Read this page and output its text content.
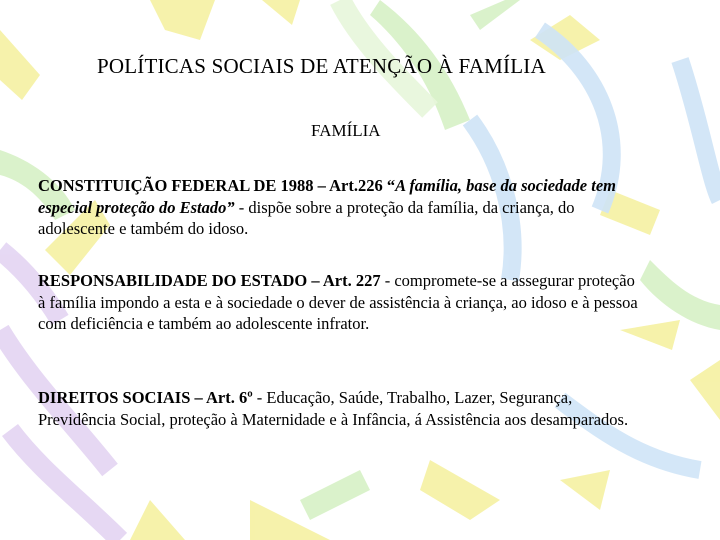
POLÍTICAS SOCIAIS DE ATENÇÃO À FAMÍLIA
FAMÍLIA
CONSTITUIÇÃO FEDERAL DE 1988 – Art.226 “A família, base da sociedade tem especial proteção do Estado” - dispõe sobre a proteção da família, da criança, do adolescente e também do idoso.
RESPONSABILIDADE DO ESTADO – Art. 227 - compromete-se a assegurar proteção à família impondo a esta e à sociedade o dever de assistência à criança, ao idoso e à pessoa com deficiência e também ao adolescente infrator.
DIREITOS SOCIAIS – Art. 6º - Educação, Saúde, Trabalho, Lazer, Segurança, Previdência Social, proteção à Maternidade e à Infância, á Assistência aos desamparados.
